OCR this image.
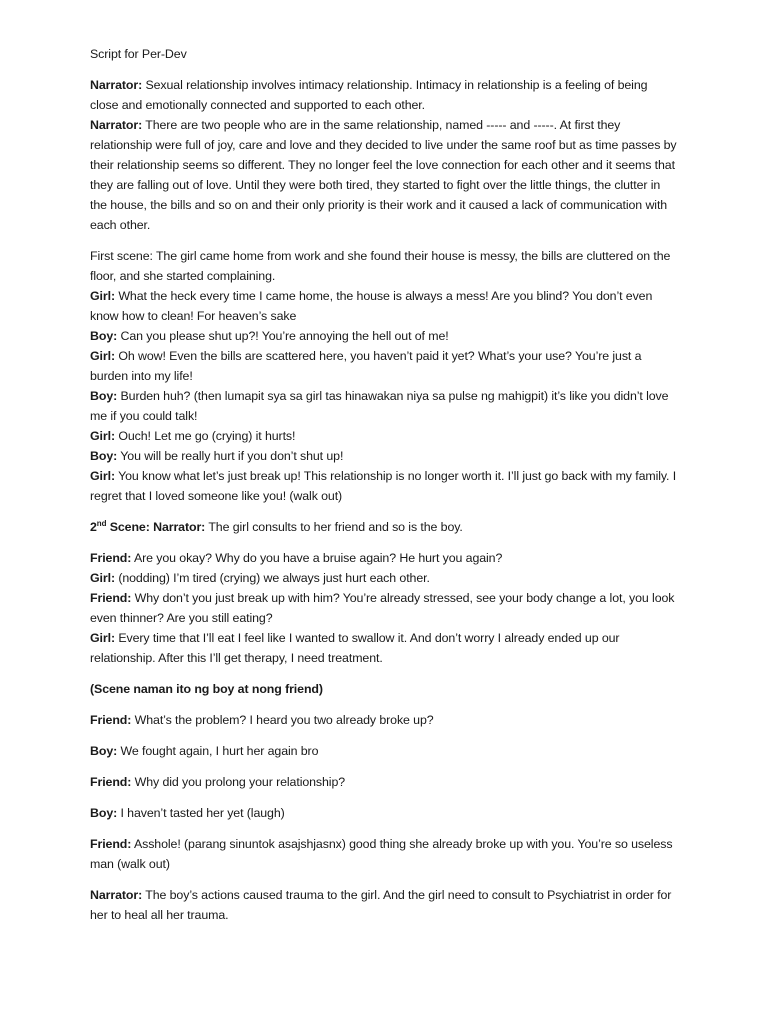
Script for Per-Dev

Narrator: Sexual relationship involves intimacy relationship. Intimacy in relationship is a feeling of being close and emotionally connected and supported to each other.

Narrator: There are two people who are in the same relationship, named ----- and -----. At first they relationship were full of joy, care and love and they decided to live under the same roof but as time passes by their relationship seems so different. They no longer feel the love connection for each other and it seems that they are falling out of love. Until they were both tired, they started to fight over the little things, the clutter in the house, the bills and so on and their only priority is their work and it caused a lack of communication with each other.

First scene: The girl came home from work and she found their house is messy, the bills are cluttered on the floor, and she started complaining.

Girl: What the heck every time I came home, the house is always a mess! Are you blind? You don’t even know how to clean! For heaven’s sake

Boy: Can you please shut up?! You’re annoying the hell out of me!

Girl: Oh wow! Even the bills are scattered here, you haven’t paid it yet? What’s your use? You’re just a burden into my life!

Boy: Burden huh? (then lumapit sya sa girl tas hinawakan niya sa pulse ng mahigpit) it’s like you didn’t love me if you could talk!

Girl: Ouch! Let me go (crying) it hurts!

Boy: You will be really hurt if you don’t shut up!

Girl: You know what let’s just break up! This relationship is no longer worth it. I’ll just go back with my family. I regret that I loved someone like you! (walk out)

2nd Scene: Narrator: The girl consults to her friend and so is the boy.

Friend: Are you okay? Why do you have a bruise again? He hurt you again?

Girl: (nodding) I’m tired (crying) we always just hurt each other.

Friend: Why don’t you just break up with him? You’re already stressed, see your body change a lot, you look even thinner? Are you still eating?

Girl: Every time that I’ll eat I feel like I wanted to swallow it. And don’t worry I already ended up our relationship. After this I’ll get therapy, I need treatment.

(Scene naman ito ng boy at nong friend)

Friend: What’s the problem? I heard you two already broke up?

Boy: We fought again, I hurt her again bro

Friend: Why did you prolong your relationship?

Boy: I haven’t tasted her yet (laugh)

Friend: Asshole! (parang sinuntok asajshjasnx) good thing she already broke up with you. You’re so useless man (walk out)

Narrator: The boy’s actions caused trauma to the girl. And the girl need to consult to Psychiatrist in order for her to heal all her trauma.
